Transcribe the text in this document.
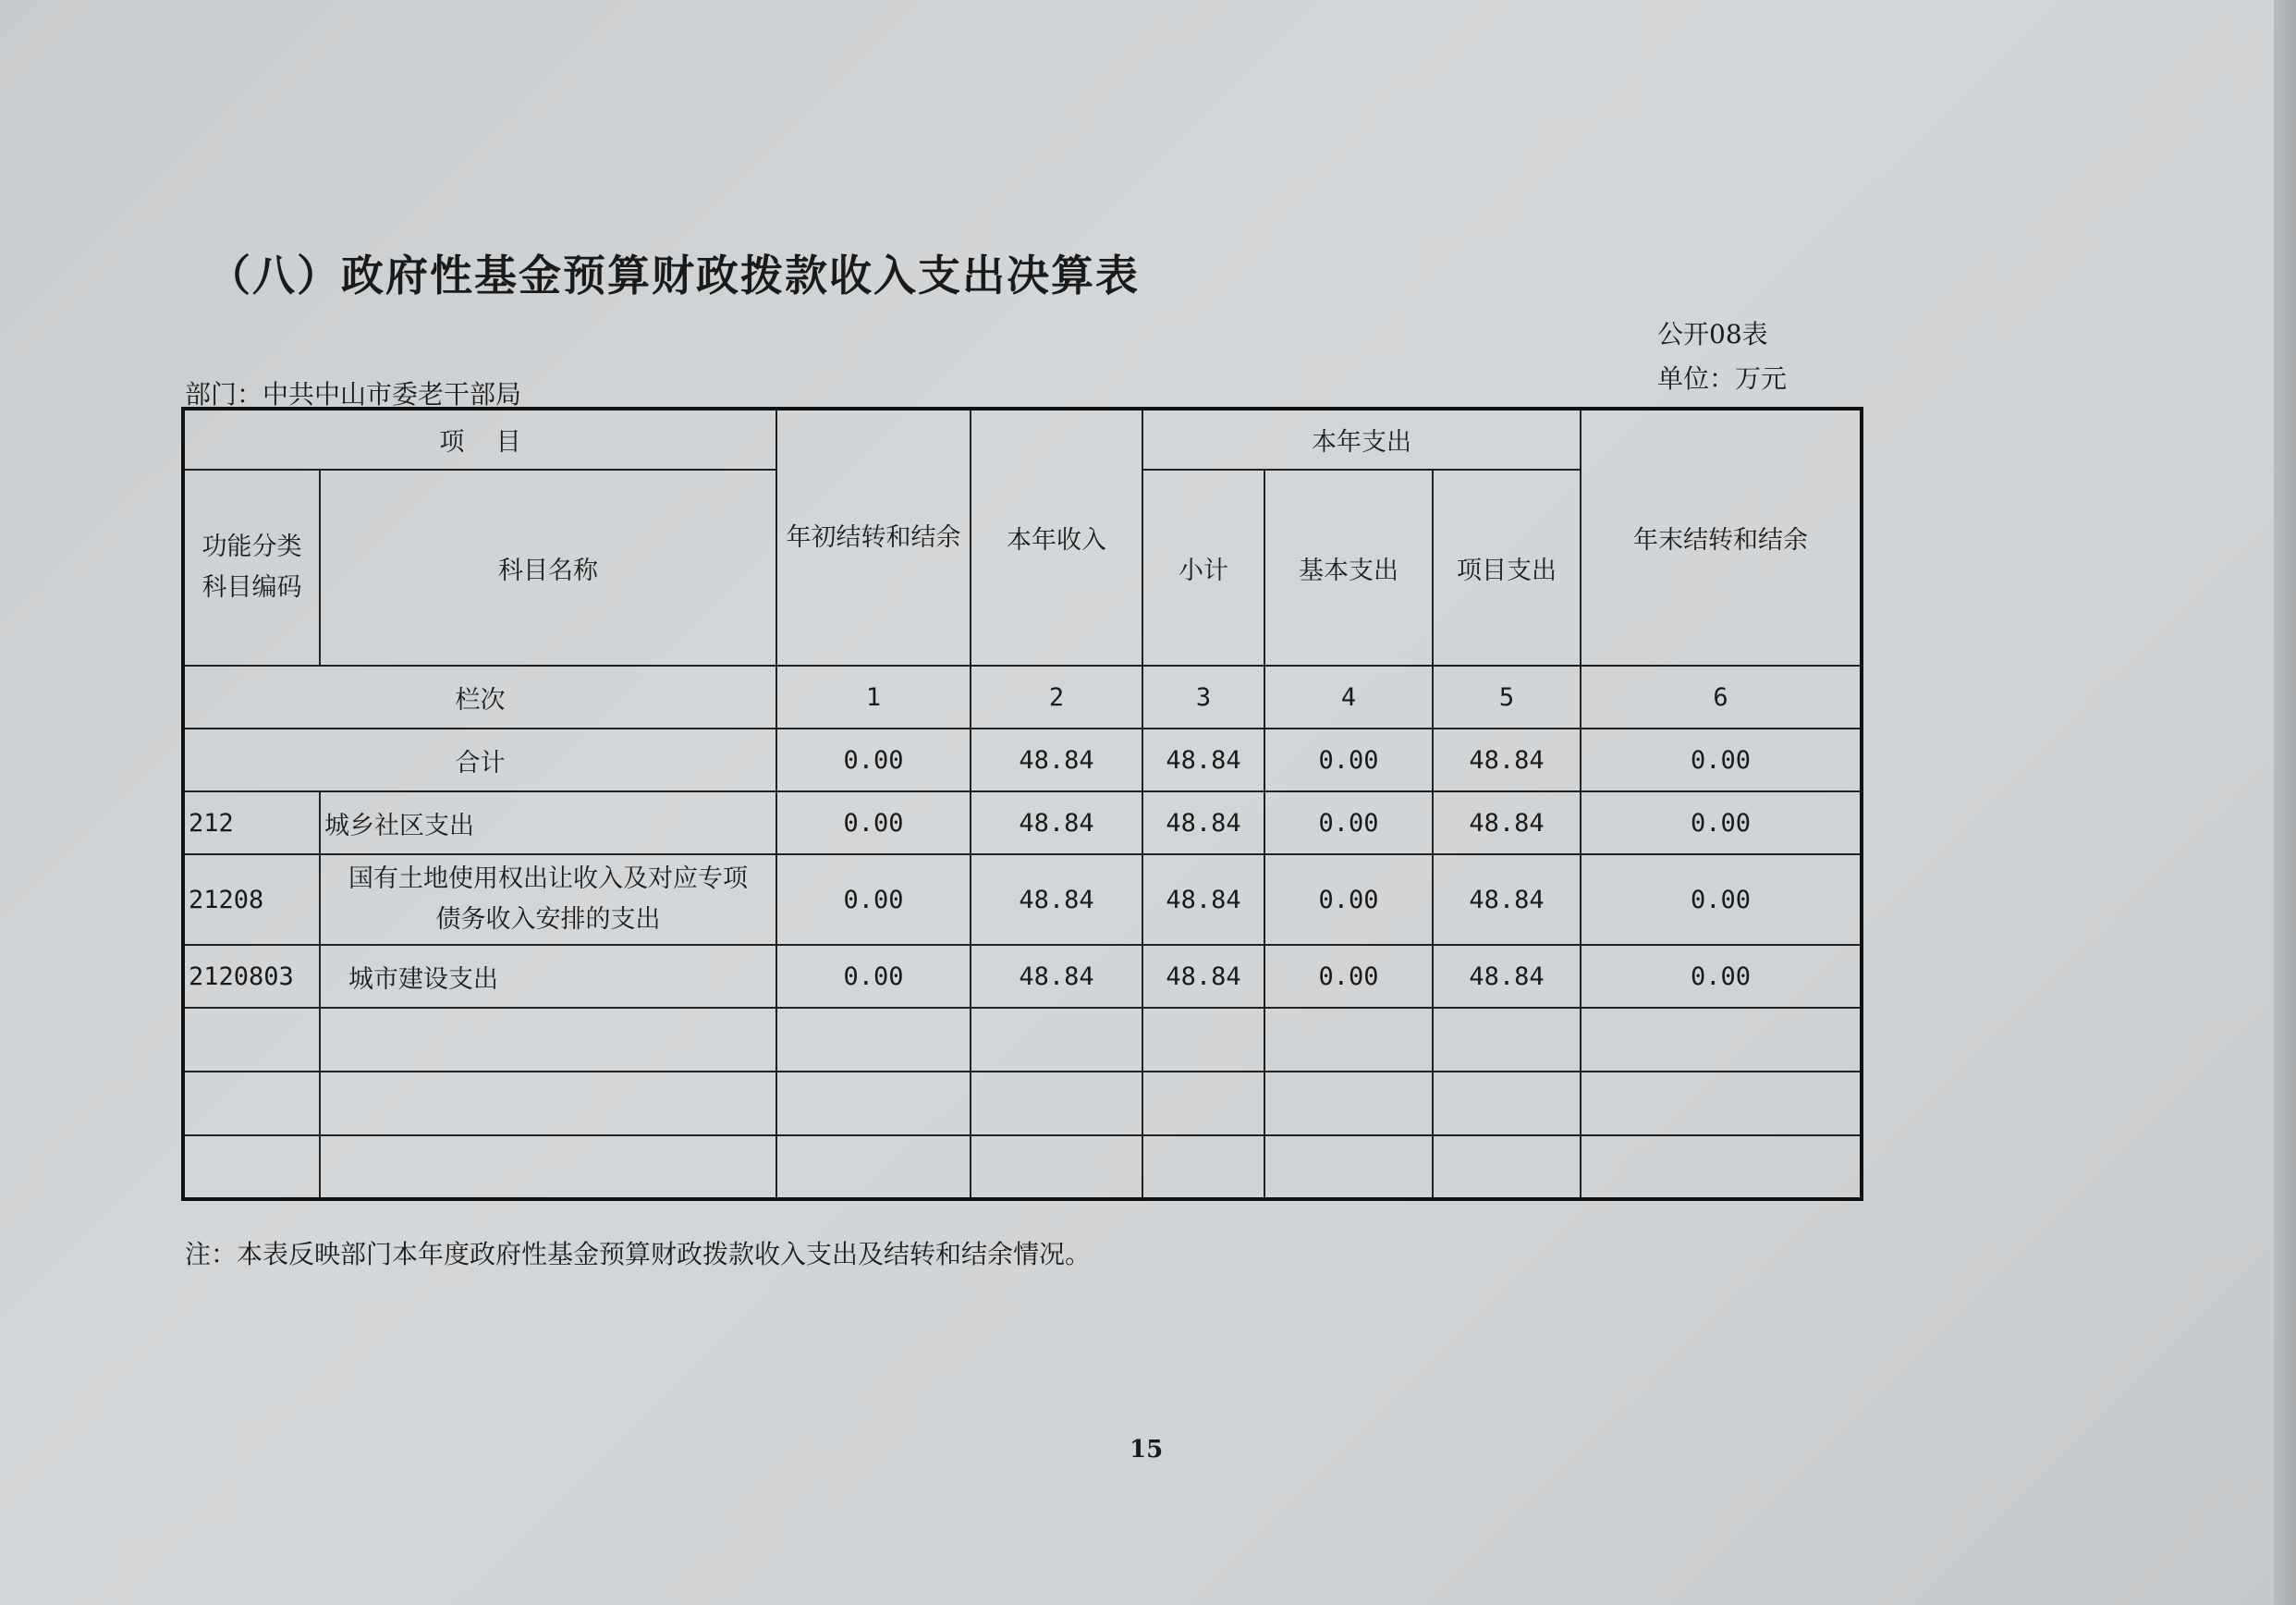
（八）政府性基金预算财政拨款收入支出决算表
公开08表
单位：万元
部门：中共中山市委老干部局
项    目		年初结转和结余	本年收入	本年支出			年末结转和结余

功能分类
科目编码	科目名称			小计	基本支出	项目支出	

栏次		1	2	3	4	5	6
合计		0.00	48.84	48.84	0.00	48.84	0.00
212	城乡社区支出	0.00	48.84	48.84	0.00	48.84	0.00
21208	国有土地使用权出让收入及对应专项
债务收入安排的支出	0.00	48.84	48.84	0.00	48.84	0.00
2120803	城市建设支出	0.00	48.84	48.84	0.00	48.84	0.00

注：本表反映部门本年度政府性基金预算财政拨款收入支出及结转和结余情况。
15
